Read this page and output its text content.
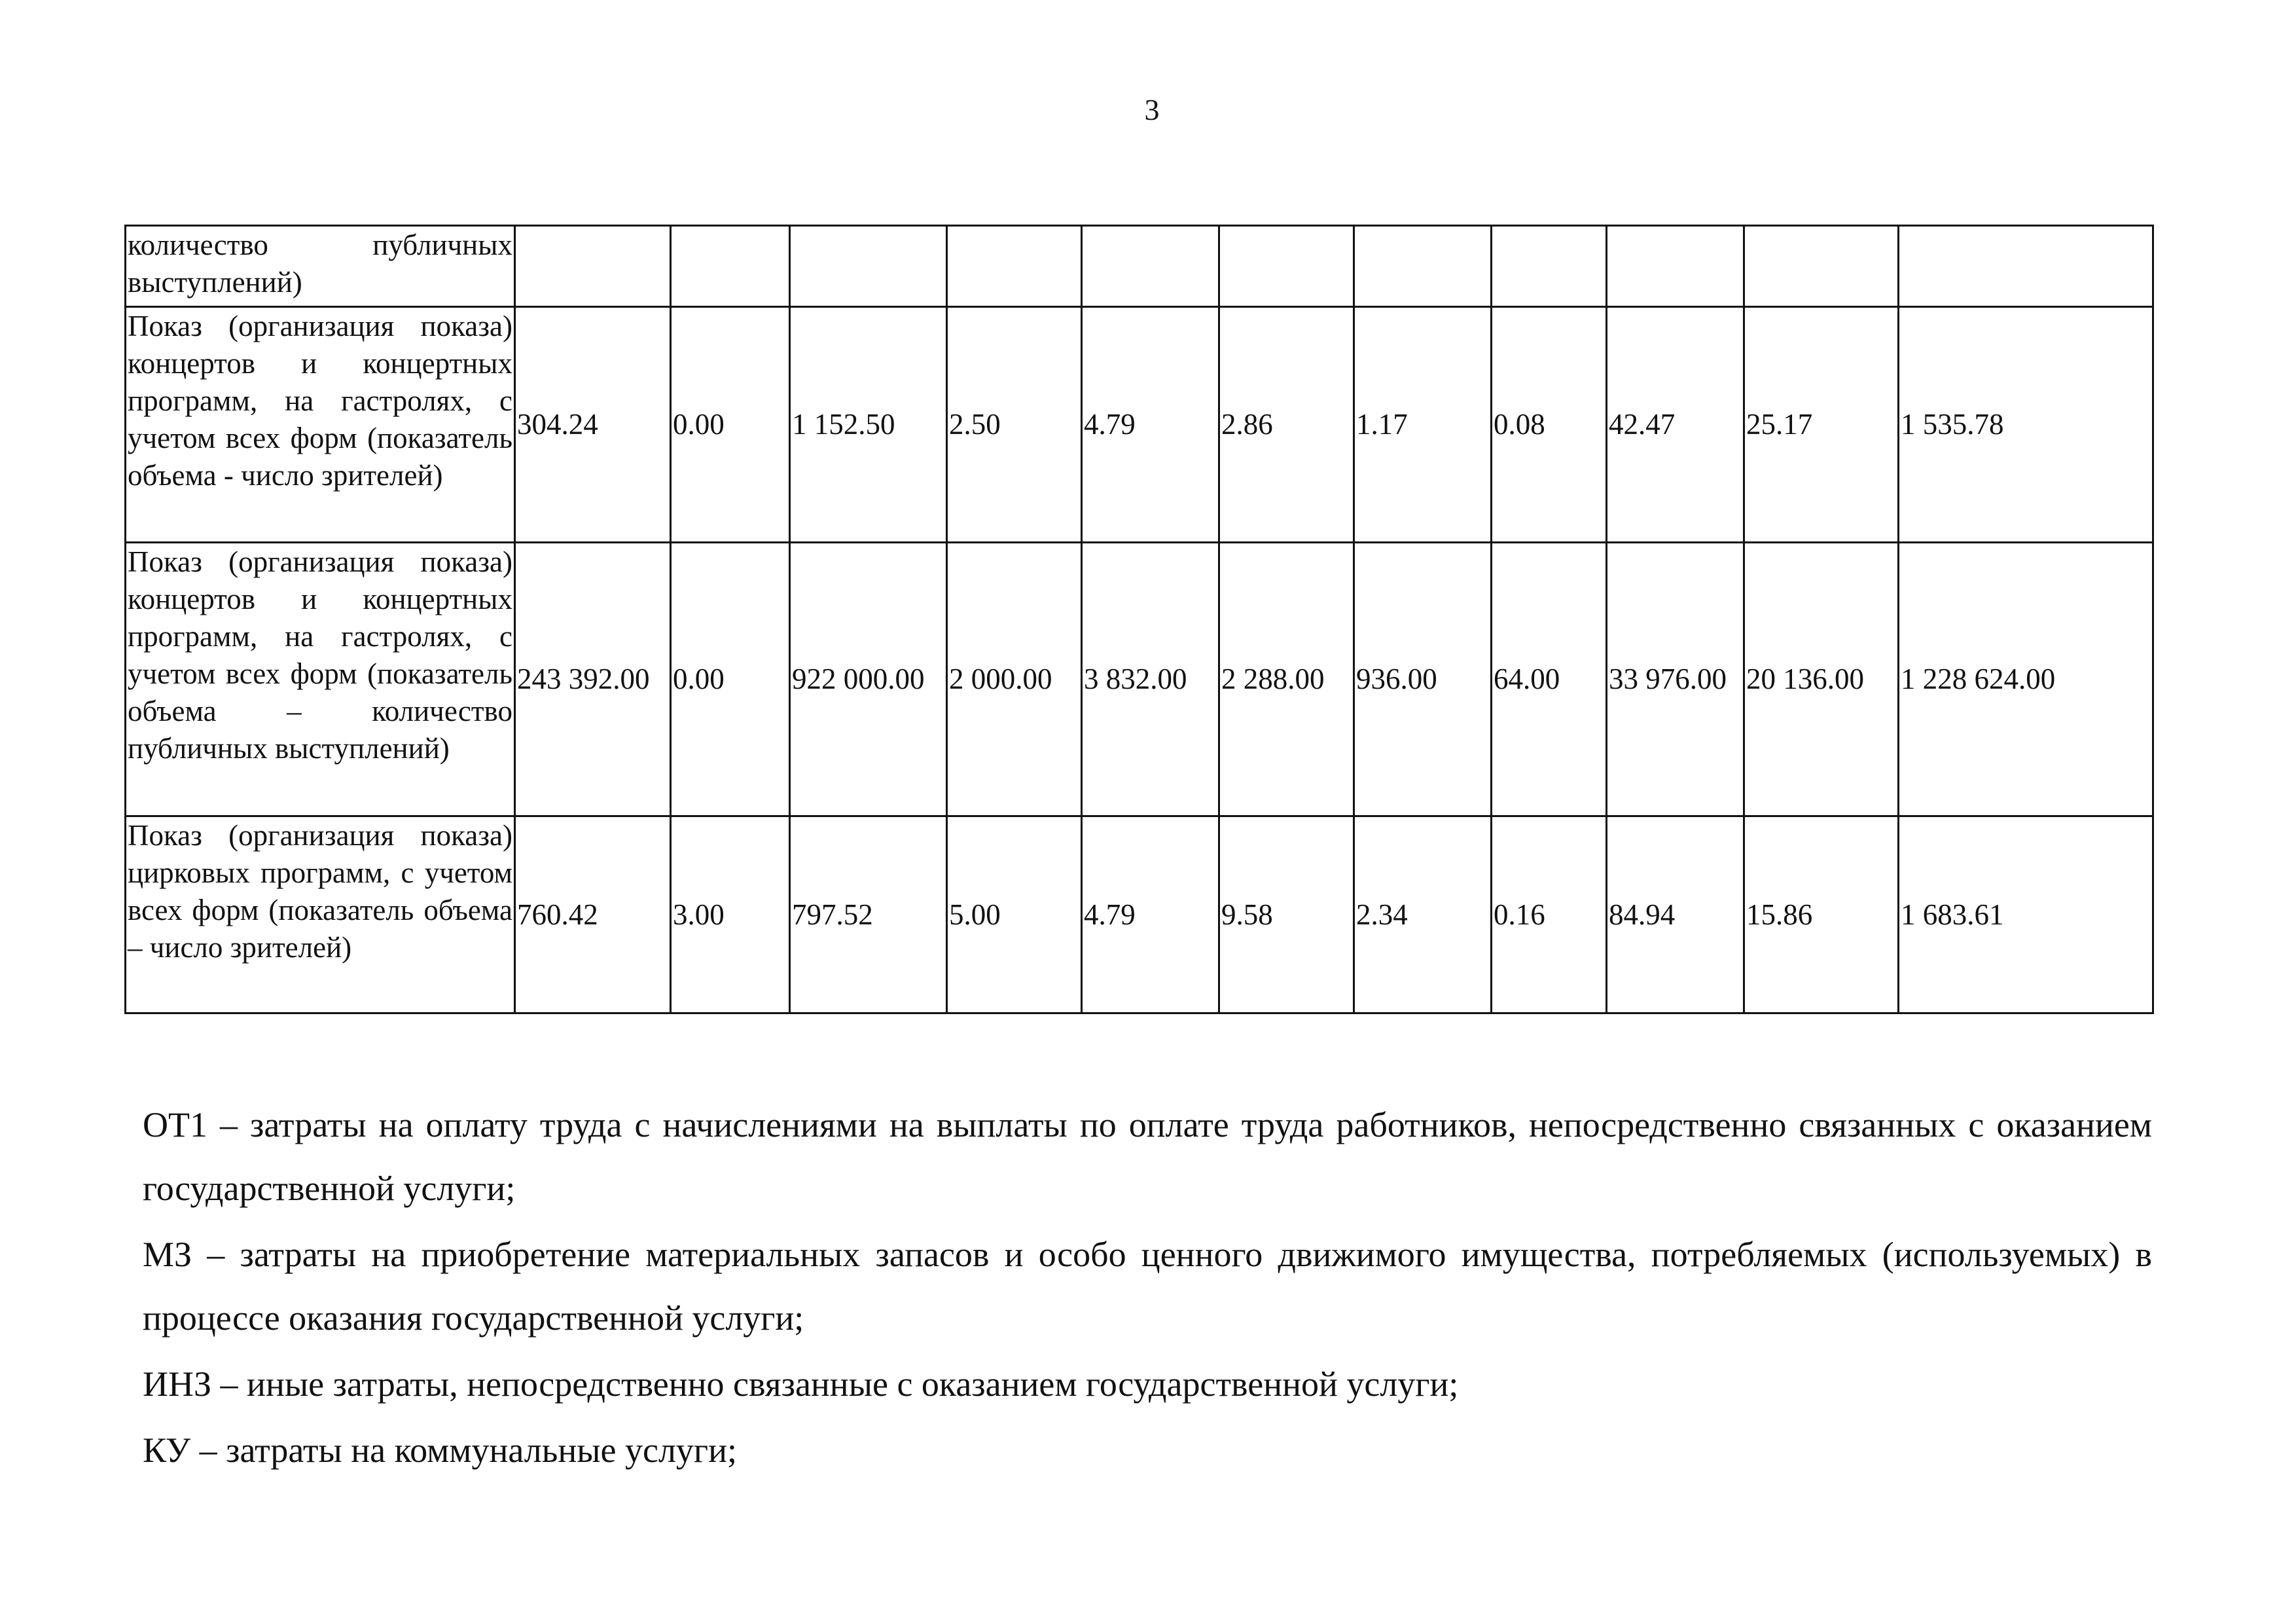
3
количество публичных выступлений)											
Показ (организация показа) концертов и концертных программ, на гастролях, с учетом всех форм (показатель объема - число зрителей)	304.24	0.00	1 152.50	2.50	4.79	2.86	1.17	0.08	42.47	25.17	1 535.78
Показ (организация показа) концертов и концертных программ, на гастролях, с учетом всех форм (показатель объема – количество публичных выступлений)	243 392.00	0.00	922 000.00	2 000.00	3 832.00	2 288.00	936.00	64.00	33 976.00	20 136.00	1 228 624.00
Показ (организация показа) цирковых программ, с учетом всех форм (показатель объема – число зрителей)	760.42	3.00	797.52	5.00	4.79	9.58	2.34	0.16	84.94	15.86	1 683.61

ОТ1 – затраты на оплату труда с начислениями на выплаты по оплате труда работников, непосредственно связанных с оказанием государственной услуги;

МЗ – затраты на приобретение материальных запасов и особо ценного движимого имущества, потребляемых (используемых) в процессе оказания государственной услуги;

ИНЗ – иные затраты, непосредственно связанные с оказанием государственной услуги;

КУ – затраты на коммунальные услуги;
